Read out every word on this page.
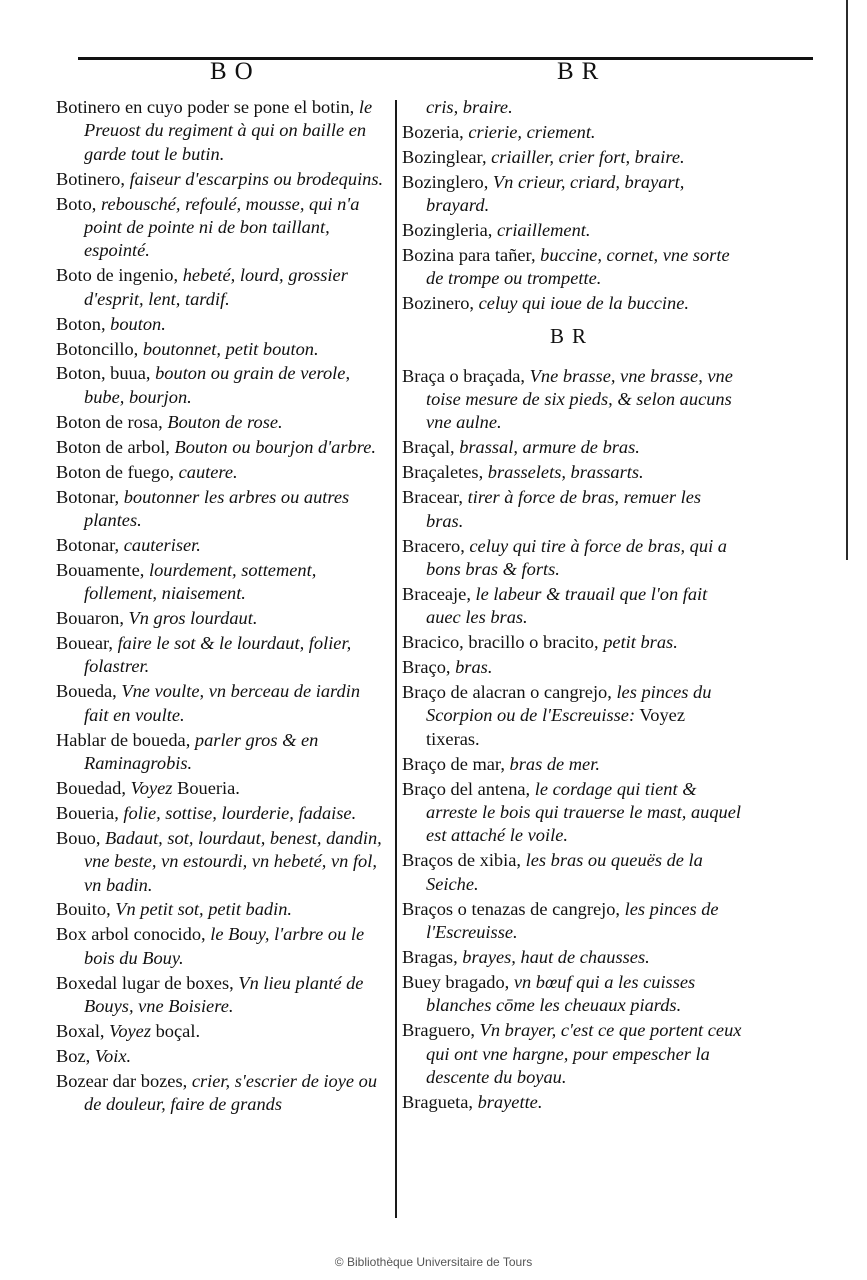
BO	BR
Botinero en cuyo poder se pone el botin, le Preuost du regiment à qui on baille en garde tout le butin.
Botinero, faiseur d'escarpins ou brodequins.
Boto, rebousché, refoulé, mousse, qui n'a point de pointe ni de bon taillant, espointé.
Boto de ingenio, hebeté, lourd, grossier d'esprit, lent, tardif.
Boton, bouton.
Botoncillo, boutonnet, petit bouton.
Boton, buua, bouton ou grain de verole, bube, bourjon.
Boton de rosa, Bouton de rose.
Boton de arbol, Bouton ou bourjon d'arbre.
Boton de fuego, cautere.
Botonar, boutonner les arbres ou autres plantes.
Botonar, cauteriser.
Bouamente, lourdement, sottement, follement, niaisement.
Bouaron, Vn gros lourdaut.
Bouear, faire le sot & le lourdaut, folier, folastrer.
Boueda, Vne voulte, vn berceau de iardin fait en voulte.
Hablar de boueda, parler gros & en Raminagrobis.
Bouedad, Voyez Boueria.
Boueria, folie, sottise, lourderie, fadaise.
Bouo, Badaut, sot, lourdaut, benest, dandin, vne beste, vn estourdi, vn hebeté, vn fol, vn badin.
Bouito, Vn petit sot, petit badin.
Box arbol conocido, le Bouy, l'arbre ou le bois du Bouy.
Boxedal lugar de boxes, Vn lieu planté de Bouys, vne Boisiere.
Boxal, Voyez boçal.
Boz, Voix.
Bozear dar bozes, crier, s'escrier de ioye ou de douleur, faire de grands
cris, braire.
Bozeria, crierie, criement.
Bozinglear, criailler, crier fort, braire.
Bozinglero, Vn crieur, criard, brayart, brayard.
Bozingleria, criaillement.
Bozina para tañer, buccine, cornet, vne sorte de trompe ou trompette.
Bozinero, celuy qui ioue de la buccine.
BR
Braça o braçada, Vne brasse, vne brasse, vne toise mesure de six pieds, & selon aucuns vne aulne.
Braçal, brassal, armure de bras.
Braçaletes, brasselets, brassarts.
Bracear, tirer à force de bras, remuer les bras.
Bracero, celuy qui tire à force de bras, qui a bons bras & forts.
Braceaje, le labeur & trauail que l'on fait auec les bras.
Bracico, bracillo o bracito, petit bras.
Braço, bras.
Braço de alacran o cangrejo, les pinces du Scorpion ou de l'Escreuisse: Voyez tixeras.
Braço de mar, bras de mer.
Braço del antena, le cordage qui tient & arreste le bois qui trauerse le mast, auquel est attaché le voile.
Braços de xibia, les bras ou queuës de la Seiche.
Braços o tenazas de cangrejo, les pinces de l'Escreuisse.
Bragas, brayes, haut de chausses.
Buey bragado, vn bœuf qui a les cuisses blanches cōme les cheuaux piards.
Braguero, Vn brayer, c'est ce que portent ceux qui ont vne hargne, pour empescher la descente du boyau.
Bragueta, brayette.
© Bibliothèque Universitaire de Tours
